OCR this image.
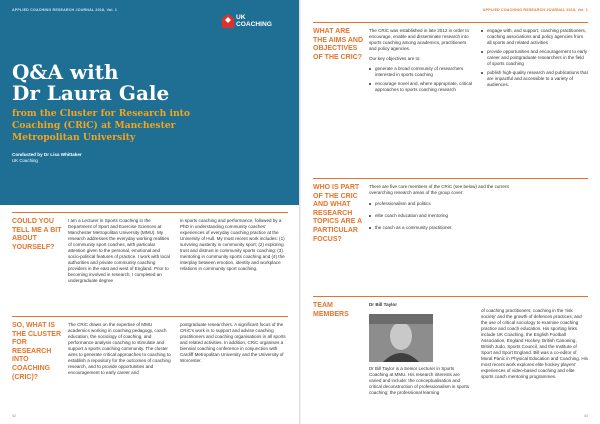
APPLIED COACHING RESEARCH JOURNAL 2018, Vol. 1
UK
COACHING
Q&A with
Dr Laura Gale
from the Cluster for Research into Coaching (CRiC) at Manchester Metropolitan University
Conducted by Dr Lisa Whittaker
UK Coaching
COULD YOU TELL ME A BIT ABOUT YOURSELF?
I am a Lecturer in Sports Coaching in the Department of Sport and Exercise Sciences at Manchester Metropolitan University (MMU). My research addresses the everyday working realities of community sport coaches, with particular attention given to the personal, emotional and socio-political features of practice. I work with local authorities and private community coaching providers in the east and west of England. Prior to becoming involved in research, I completed an undergraduate degree
in sports coaching and performance, followed by a PhD in understanding community coaches' experiences of everyday coaching practice at the University of Hull. My most recent work includes: (1) surviving austerity in community sport; (2) exploring trust and distrust in community sports coaching; (3) mentoring in community sports coaching and (4) the interplay between emotion, identity and workplace relations in community sport coaching.
SO, WHAT IS THE CLUSTER FOR RESEARCH INTO COACHING (CRIC)?
The CRiC draws on the expertise of MMU academics working in coaching pedagogy, coach education, the sociology of coaching, and performance analysis coaching to stimulate and support a sports coaching community. The cluster aims to generate critical approaches to coaching to establish a repository for the outcomes of coaching research, and to provide opportunities and encouragement to early career and
postgraduate researchers. A significant focus of the CRiC's work is to support and advise coaching practitioners and coaching organisations in all sports and related activities. In addition, CRiC organises a biennial coaching conference in conjunction with Cardiff Metropolitan University and the University of Worcester.
42
APPLIED COACHING RESEARCH JOURNAL 2018, Vol. 1
WHAT ARE THE AIMS AND OBJECTIVES OF THE CRIC?

The CRiC was established in late 2012 in order to encourage, enable and disseminate research into sports coaching among academics, practitioners and policy agencies.

Our key objectives are to:

generate a broad community of researchers interested in sports coaching
encourage novel and, where appropriate, critical approaches to sports coaching research
engage with, and support, coaching practitioners, coaching associations and policy agencies from all sports and related activities
provide opportunities and encouragement to early career and postgraduate researchers in the field of sports coaching
publish high-quality research and publications that are impactful and accessible to a variety of audiences.
WHO IS PART OF THE CRIC AND WHAT RESEARCH TOPICS ARE A PARTICULAR FOCUS?

There are five core members of the CRiC (see below) and the current overarching research areas of the group cover:

professionalism and politics
elite coach education and mentoring
the coach as a community practitioner.
TEAM MEMBERS
Dr Bill Taylor
Dr Bill Taylor is a Senior Lecturer in Sports Coaching at MMU. His research interests are varied and include: the conceptualisation and critical deconstruction of professionalism in sports coaching; the professional learning
of coaching practitioners; coaching in the 'risk society' and the growth of defences practices; and the use of critical sociology to examine coaching practice and coach education. His sporting links include UK Coaching, the English Football Association, England Hockey, British Canoeing, British Judo, Sports Council, and the Institute of Sport and Sport England. Bill was a co-editor of Moral Panic in Physical Education and Coaching. His most recent work explores elite hockey players' experiences of video-based coaching and elite sports coach mentoring programmes.
43
